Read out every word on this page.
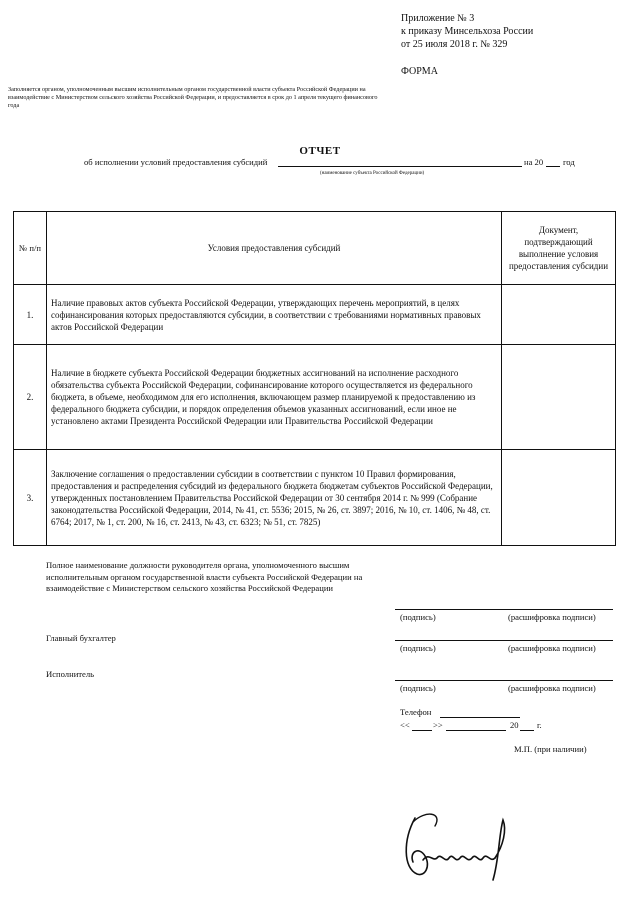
Приложение № 3
к приказу Минсельхоза России
от 25 июля 2018 г. № 329
ФОРМА
Заполняется органом, уполномоченным высшим исполнительным органом государственной власти субъекта Российской Федерации на взаимодействие с Министерством сельского хозяйства Российской Федерации, и предоставляется в срок до 1 апреля текущего финансового года
ОТЧЕТ
об исполнении условий предоставления субсидий	на 20 год
(наименование субъекта Российской Федерации)
№ п/п	Условия предоставления субсидий	Документ, подтверждающий выполнение условия предоставления субсидии
1.	Наличие правовых актов субъекта Российской Федерации, утверждающих перечень мероприятий, в целях софинансирования которых предоставляются субсидии, в соответствии с требованиями нормативных правовых актов Российской Федерации	
2.	Наличие в бюджете субъекта Российской Федерации бюджетных ассигнований на исполнение расходного обязательства субъекта Российской Федерации, софинансирование которого осуществляется из федерального бюджета, в объеме, необходимом для его исполнения, включающем размер планируемой к предоставлению из федерального бюджета субсидии, и порядок определения объемов указанных ассигнований, если иное не установлено актами Президента Российской Федерации или Правительства Российской Федерации	
3.	Заключение соглашения о предоставлении субсидии в соответствии с пунктом 10 Правил формирования, предоставления и распределения субсидий из федерального бюджета бюджетам субъектов Российской Федерации, утвержденных постановлением Правительства Российской Федерации от 30 сентября 2014 г. № 999 (Собрание законодательства Российской Федерации, 2014, № 41, ст. 5536; 2015, № 26, ст. 3897; 2016, № 10, ст. 1406, № 48, ст. 6764; 2017, № 1, ст. 200, № 16, ст. 2413, № 43, ст. 6323; № 51, ст. 7825)	
Полное наименование должности руководителя органа, уполномоченного высшим исполнительным органом государственной власти субъекта Российской Федерации на взаимодействие с Министерством сельского хозяйства Российской Федерации
(подпись)	(расшифровка подписи)
Главный бухгалтер
(подпись)	(расшифровка подписи)
Исполнитель
(подпись)	(расшифровка подписи)
Телефон
<<	>>	20 г.
М.П. (при наличии)
